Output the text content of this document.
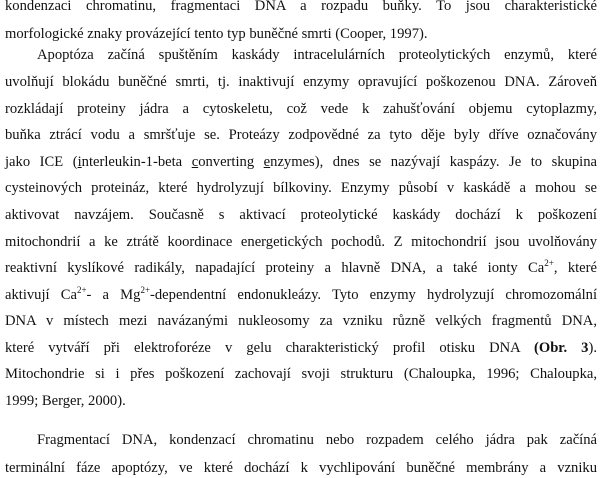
kondenzaci chromatinu, fragmentaci DNA a rozpadu buňky. To jsou charakteristické
morfologické znaky provázející tento typ buněčné smrti (Cooper, 1997).
Apoptóza začíná spuštěním kaskády intracelulárních proteolytických enzymů, které
uvolňují blokádu buněčné smrti, tj. inaktivují enzymy opravující poškozenou DNA. Zároveň
rozkládají proteiny jádra a cytoskeletu, což vede k zahušťování objemu cytoplazmy,
buňka ztrácí vodu a smršťuje se. Proteázy zodpovědné za tyto děje byly dříve označovány
jako ICE (interleukin-1-beta converting enzymes), dnes se nazývají kaspázy. Je to skupina
cysteinových proteináz, které hydrolyzují bílkoviny. Enzymy působí v kaskádě a mohou se
aktivovat navzájem. Současně s aktivací proteolytické kaskády dochází k poškození
mitochondrií a ke ztrátě koordinace energetických pochodů. Z mitochondrií jsou uvolňovány
reaktivní kyslíkové radikály, napadající proteiny a hlavně DNA, a také ionty $Ca^{2+}$, které
aktivují $Ca^{2+}-$ a $Mg^{2+}$-dependentní endonukleázy. Tyto enzymy hydrolyzují chromozomální
DNA v místech mezi navázanými nukleosomy za vzniku různě velkých fragmentů DNA,
které vytváří při elektroforéze v gelu charakteristický profil otisku DNA (Obr. 3).
Mitochondrie si i přes poškození zachovají svoji strukturu (Chaloupka, 1996; Chaloupka,
1999; Berger, 2000).
Fragmentací DNA, kondenzací chromatinu nebo rozpadem celého jádra pak začíná
terminální fáze apoptózy, ve které dochází k vychlipování buněčné membrány a vzniku
